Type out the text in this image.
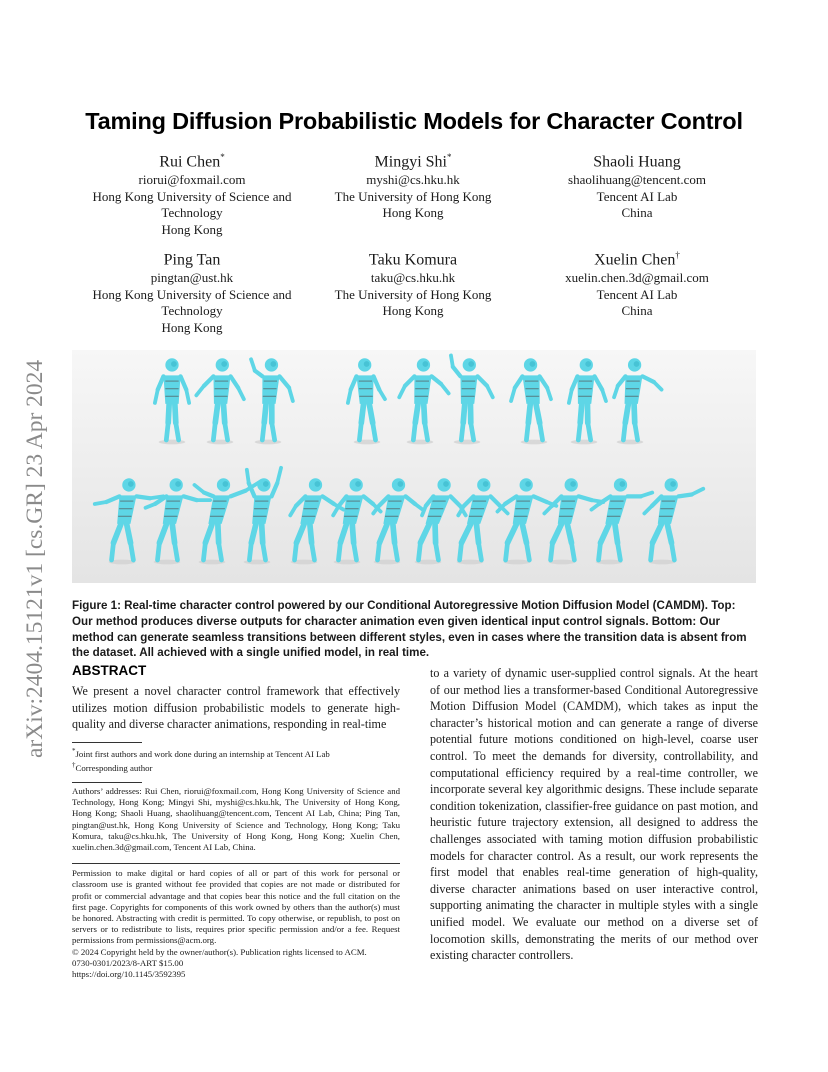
arXiv:2404.15121v1 [cs.GR] 23 Apr 2024
Taming Diffusion Probabilistic Models for Character Control
Rui Chen*
riorui@foxmail.com
Hong Kong University of Science and Technology
Hong Kong
Mingyi Shi*
myshi@cs.hku.hk
The University of Hong Kong
Hong Kong
Shaoli Huang
shaolihuang@tencent.com
Tencent AI Lab
China
Ping Tan
pingtan@ust.hk
Hong Kong University of Science and Technology
Hong Kong
Taku Komura
taku@cs.hku.hk
The University of Hong Kong
Hong Kong
Xuelin Chen†
xuelin.chen.3d@gmail.com
Tencent AI Lab
China
Figure 1: Real-time character control powered by our Conditional Autoregressive Motion Diffusion Model (CAMDM). Top: Our method produces diverse outputs for character animation even given identical input control signals. Bottom: Our method can generate seamless transitions between different styles, even in cases where the transition data is absent from the dataset. All achieved with a single unified model, in real time.
ABSTRACT

We present a novel character control framework that effectively utilizes motion diffusion probabilistic models to generate high-quality and diverse character animations, responding in real-time

*Joint first authors and work done during an internship at Tencent AI Lab

†Corresponding author

Authors’ addresses: Rui Chen, riorui@foxmail.com, Hong Kong University of Science and Technology, Hong Kong; Mingyi Shi, myshi@cs.hku.hk, The University of Hong Kong, Hong Kong; Shaoli Huang, shaolihuang@tencent.com, Tencent AI Lab, China; Ping Tan, pingtan@ust.hk, Hong Kong University of Science and Technology, Hong Kong; Taku Komura, taku@cs.hku.hk, The University of Hong Kong, Hong Kong; Xuelin Chen, xuelin.chen.3d@gmail.com, Tencent AI Lab, China.

Permission to make digital or hard copies of all or part of this work for personal or classroom use is granted without fee provided that copies are not made or distributed for profit or commercial advantage and that copies bear this notice and the full citation on the first page. Copyrights for components of this work owned by others than the author(s) must be honored. Abstracting with credit is permitted. To copy otherwise, or republish, to post on servers or to redistribute to lists, requires prior specific permission and/or a fee. Request permissions from permissions@acm.org.

© 2024 Copyright held by the owner/author(s). Publication rights licensed to ACM.

0730-0301/2023/8-ART $15.00

https://doi.org/10.1145/3592395

to a variety of dynamic user-supplied control signals. At the heart of our method lies a transformer-based Conditional Autoregressive Motion Diffusion Model (CAMDM), which takes as input the character’s historical motion and can generate a range of diverse potential future motions conditioned on high-level, coarse user control. To meet the demands for diversity, controllability, and computational efficiency required by a real-time controller, we incorporate several key algorithmic designs. These include separate condition tokenization, classifier-free guidance on past motion, and heuristic future trajectory extension, all designed to address the challenges associated with taming motion diffusion probabilistic models for character control. As a result, our work represents the first model that enables real-time generation of high-quality, diverse character animations based on user interactive control, supporting animating the character in multiple styles with a single unified model. We evaluate our method on a diverse set of locomotion skills, demonstrating the merits of our method over existing character controllers.
